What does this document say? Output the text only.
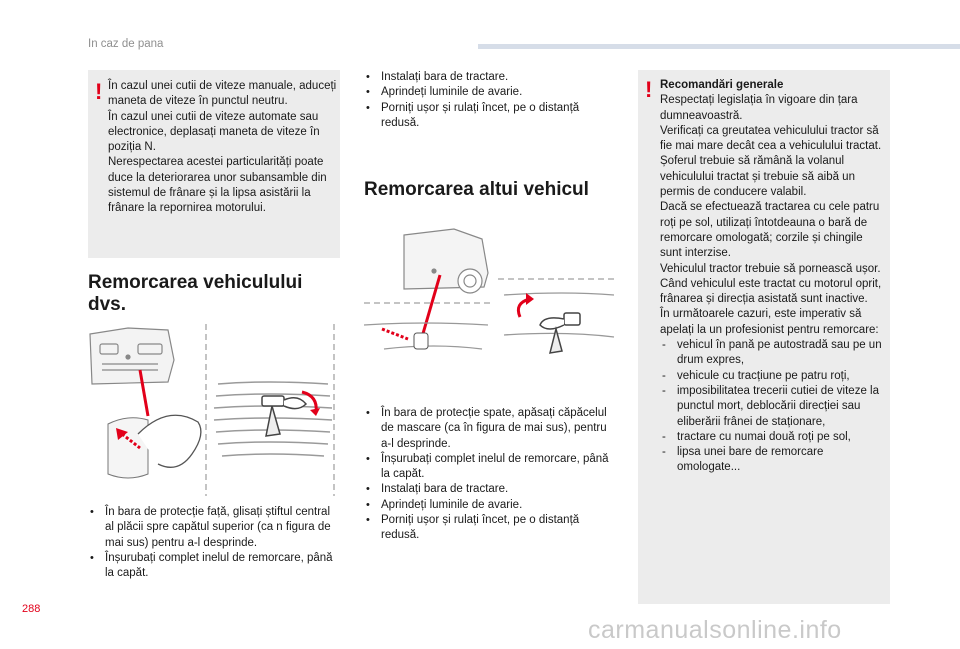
In caz de pana
! În cazul unei cutii de viteze manuale, aduceți maneta de viteze în punctul neutru.

În cazul unei cutii de viteze automate sau electronice, deplasați maneta de viteze în poziția N.

Nerespectarea acestei particularități poate duce la deteriorarea unor subansamble din sistemul de frânare și la lipsa asistării la frânare la repornirea motorului.

Remorcarea vehiculului dvs.
• În bara de protecție față, glisați știftul central al plăcii spre capătul superior (ca n figura de mai sus) pentru a-l desprinde.
• Înșurubați complet inelul de remorcare, până la capăt.
• Instalați bara de tractare.
• Aprindeți luminile de avarie.
• Porniți ușor și rulați încet, pe o distanță redusă.
Remorcarea altui vehicul
• În bara de protecție spate, apăsați căpăcelul de mascare (ca în figura de mai sus), pentru a-l desprinde.
• Înșurubați complet inelul de remorcare, până la capăt.
• Instalați bara de tractare.
• Aprindeți luminile de avarie.
• Porniți ușor și rulați încet, pe o distanță redusă.
! Recomandări generale

Respectați legislația în vigoare din țara dumneavoastră.

Verificați ca greutatea vehiculului tractor să fie mai mare decât cea a vehiculului tractat.

Șoferul trebuie să rămână la volanul vehiculului tractat și trebuie să aibă un permis de conducere valabil.

Dacă se efectuează tractarea cu cele patru roți pe sol, utilizați întotdeauna o bară de remorcare omologată; corzile și chingile sunt interzise.

Vehiculul tractor trebuie să pornească ușor.

Când vehiculul este tractat cu motorul oprit, frânarea și direcția asistată sunt inactive.

În următoarele cazuri, este imperativ să apelați la un profesionist pentru remorcare:

- vehicul în pană pe autostradă sau pe un drum expres,
- vehicule cu tracțiune pe patru roți,
- imposibilitatea trecerii cutiei de viteze la punctul mort, deblocării direcției sau eliberării frânei de staționare,
- tractare cu numai două roți pe sol,
- lipsa unei bare de remorcare omologate...
288
carmanualsonline.info
